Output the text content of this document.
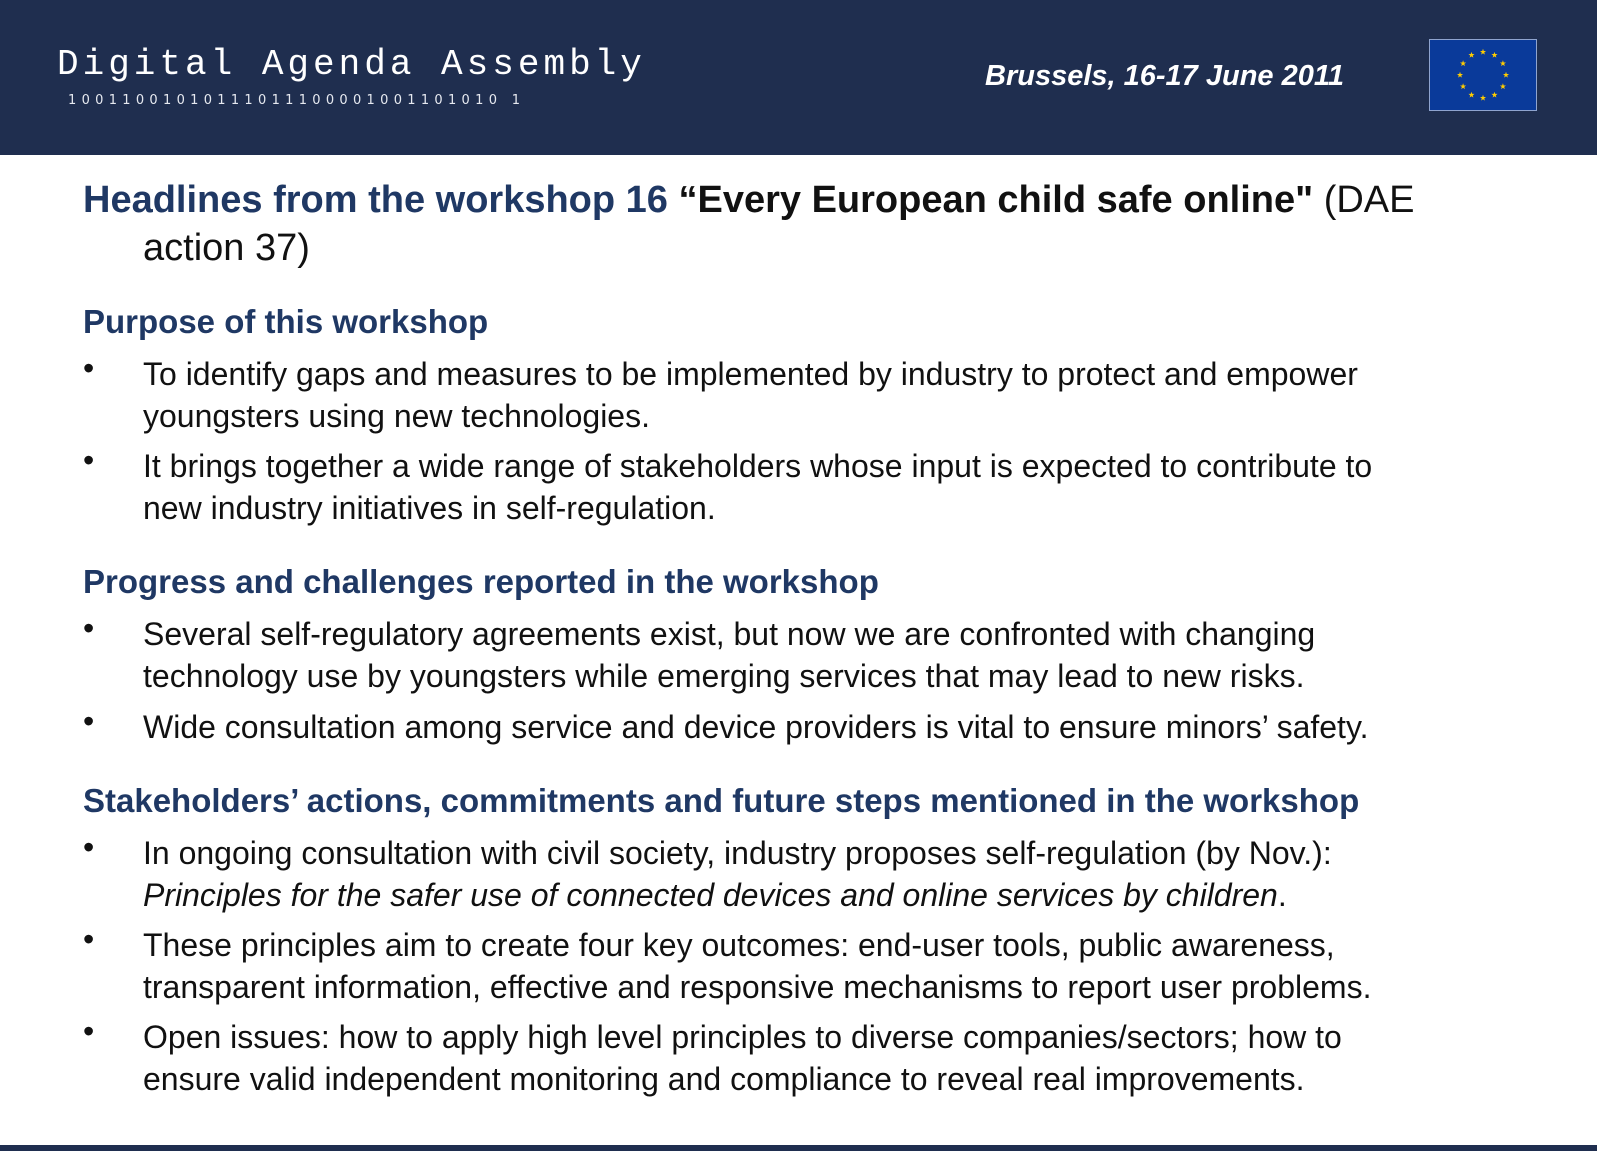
Digital Agenda Assembly
10011001010111011100001001101010 1
Brussels, 16-17 June 2011
Headlines from the workshop 16 “Every European child safe online" (DAE
action 37)
Purpose of this workshop
• To identify gaps and measures to be implemented by industry to protect and empower
youngsters using new technologies.
• It brings together a wide range of stakeholders whose input is expected to contribute to
new industry initiatives in self-regulation.
Progress and challenges reported in the workshop
• Several self-regulatory agreements exist, but now we are confronted with changing
technology use by youngsters while emerging services that may lead to new risks.
• Wide consultation among service and device providers is vital to ensure minors’ safety.
Stakeholders’ actions, commitments and future steps mentioned in the workshop
• In ongoing consultation with civil society, industry proposes self-regulation (by Nov.):
Principles for the safer use of connected devices and online services by children.
• These principles aim to create four key outcomes: end-user tools, public awareness,
transparent information, effective and responsive mechanisms to report user problems.
• Open issues: how to apply high level principles to diverse companies/sectors; how to
ensure valid independent monitoring and compliance to reveal real improvements.
